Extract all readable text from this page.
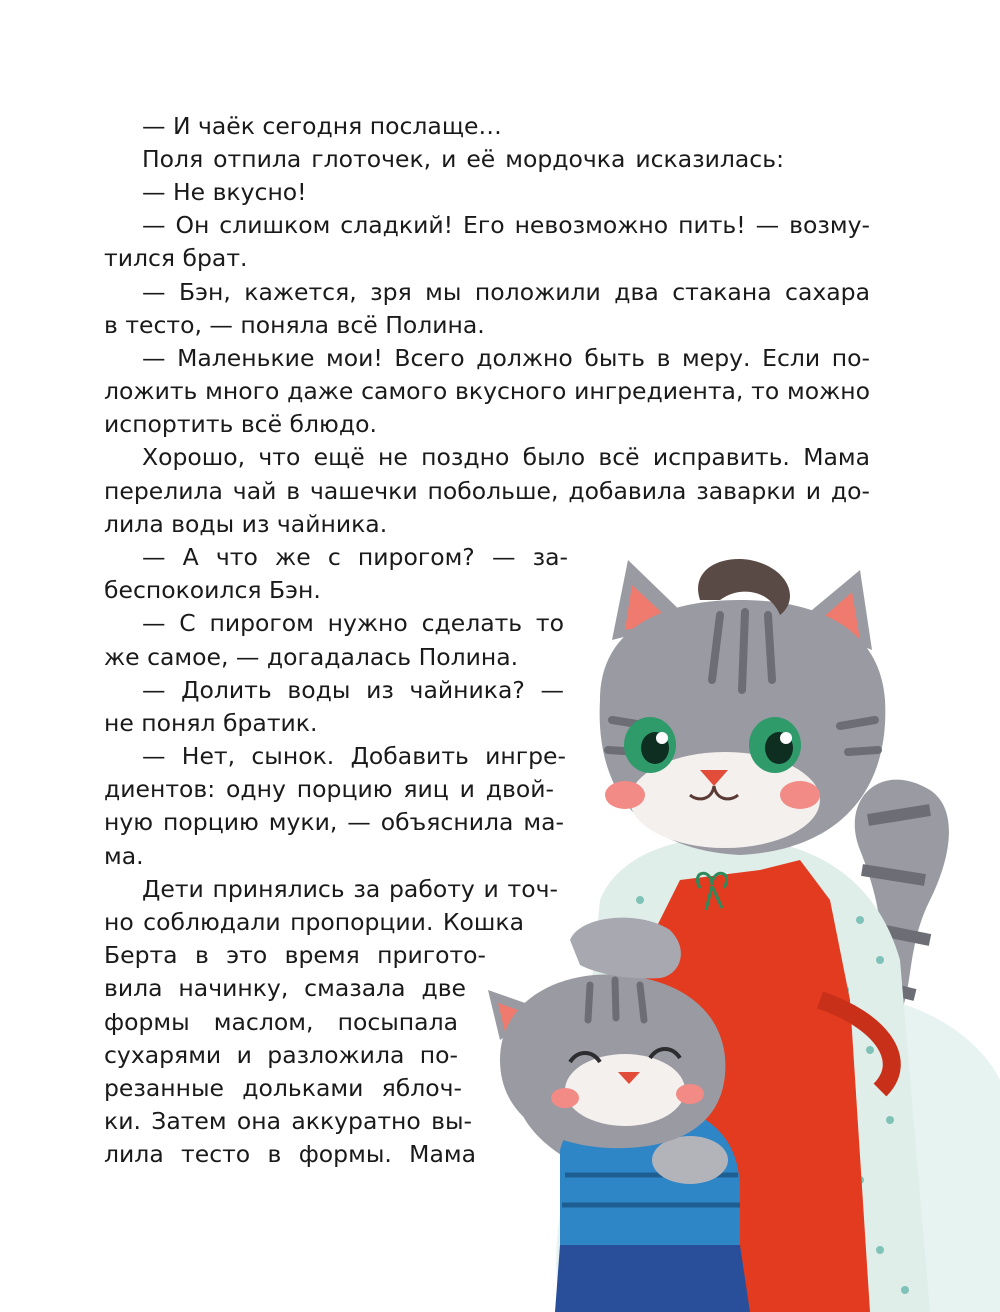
— И чаёк сегодня послаще…

Поля отпила глоточек, и её мордочка исказилась:

— Не вкусно!

— Он слишком сладкий! Его невозможно пить! — возму-

тился брат.

— Бэн, кажется, зря мы положили два стакана сахара

в тесто, — поняла всё Полина.

— Маленькие мои! Всего должно быть в меру. Если по-

ложить много даже самого вкусного ингредиента, то можно

испортить всё блюдо.

Хорошо, что ещё не поздно было всё исправить. Мама

перелила чай в чашечки побольше, добавила заварки и до-

лила воды из чайника.

— А что же с пирогом? — за-

беспокоился Бэн.

— С пирогом нужно сделать то

же самое, — догадалась Полина.

— Долить воды из чайника? —

не понял братик.

— Нет, сынок. Добавить ингре-

диентов: одну порцию яиц и двой-

ную порцию муки, — объяснила ма-

ма.

Дети принялись за работу и точ-

но соблюдали пропорции. Кошка

Берта в это время пригото-

вила начинку, смазала две

формы маслом, посыпала

сухарями и разложила по-

резанные дольками яблоч-

ки. Затем она аккуратно вы-

лила тесто в формы. Мама
